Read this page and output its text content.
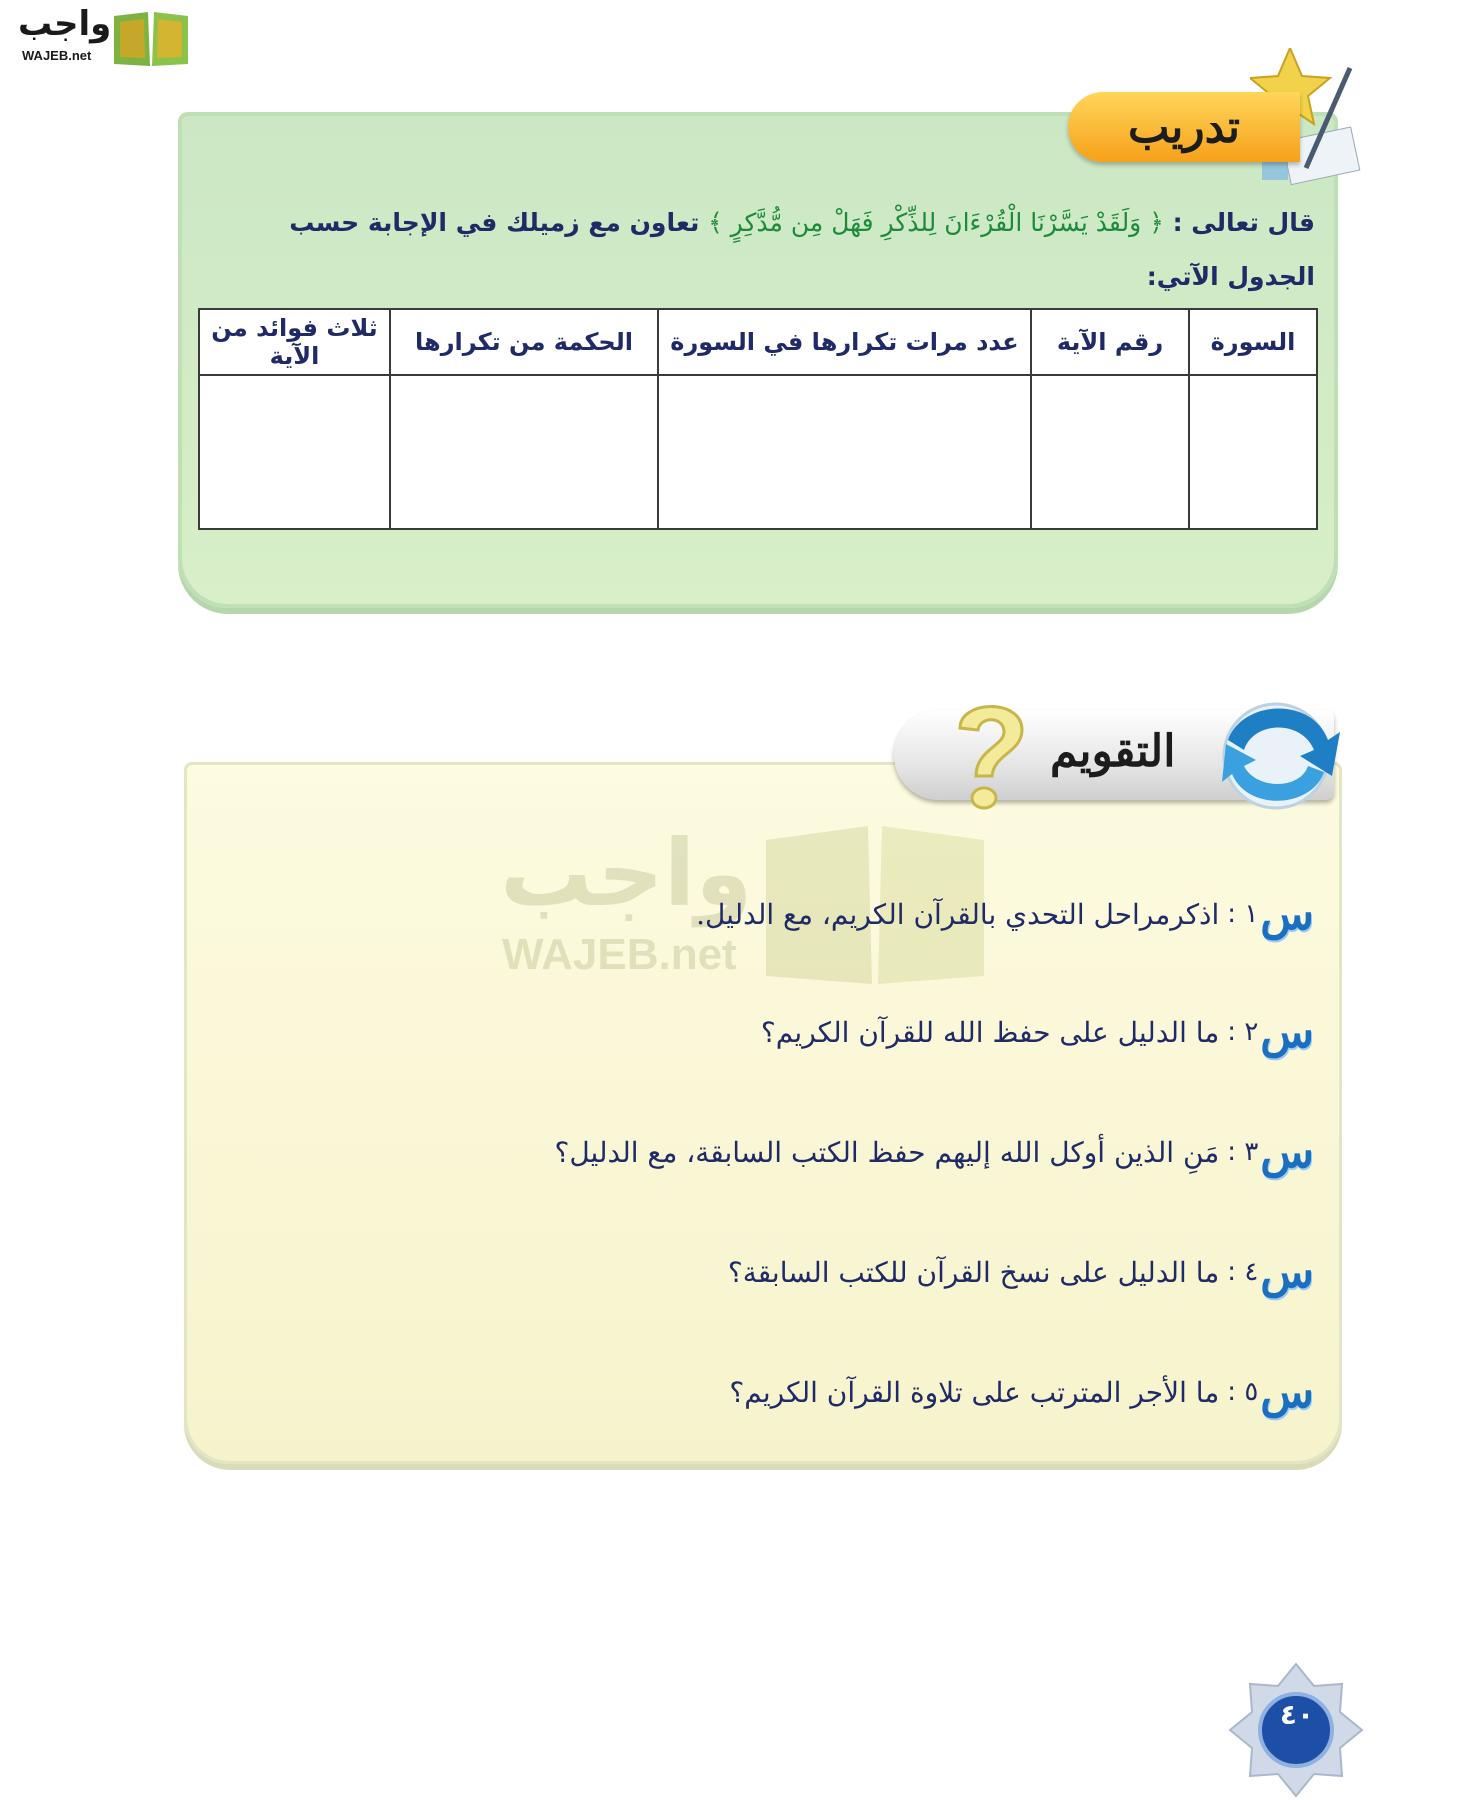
واجب
WAJEB.net
تدريب
قال تعالى : ﴿ وَلَقَدْ يَسَّرْنَا الْقُرْءَانَ لِلذِّكْرِ فَهَلْ مِن مُّدَّكِرٍ ﴾ تعاون مع زميلك في الإجابة حسب الجدول الآتي:
السورة	رقم الآية	عدد مرات تكرارها في السورة	الحكمة من تكرارها	ثلاث فوائد من الآية

التقويم
واجب
WAJEB.net
س
١ :
اذكرمراحل التحدي بالقرآن الكريم، مع الدليل.
س
٢ :
ما الدليل على حفظ الله للقرآن الكريم؟
س
٣ :
مَنِ الذين أوكل الله إليهم حفظ الكتب السابقة، مع الدليل؟
س
٤ :
ما الدليل على نسخ القرآن للكتب السابقة؟
س
٥ :
ما الأجر المترتب على تلاوة القرآن الكريم؟
٤٠
